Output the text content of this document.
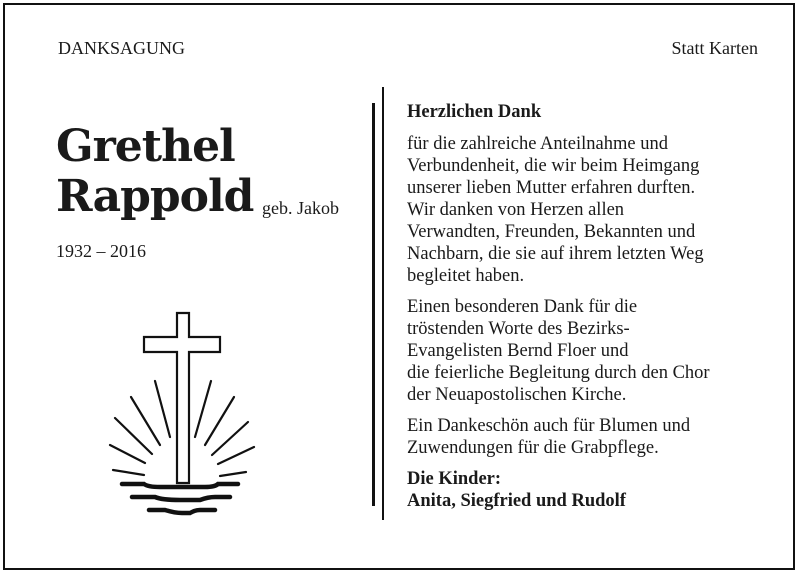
DANKSAGUNG	Statt Karten
Grethel
Rappold geb. Jakob
1932 – 2016
Herzlichen Dank
für die zahlreiche Anteilnahme und
Verbundenheit, die wir beim Heimgang
unserer lieben Mutter erfahren durften.
Wir danken von Herzen allen
Verwandten, Freunden, Bekannten und
Nachbarn, die sie auf ihrem letzten Weg
begleitet haben.
Einen besonderen Dank für die
tröstenden Worte des Bezirks-
Evangelisten Bernd Floer und
die feierliche Begleitung durch den Chor
der Neuapostolischen Kirche.
Ein Dankeschön auch für Blumen und
Zuwendungen für die Grabpflege.
Die Kinder:
Anita, Siegfried und Rudolf
